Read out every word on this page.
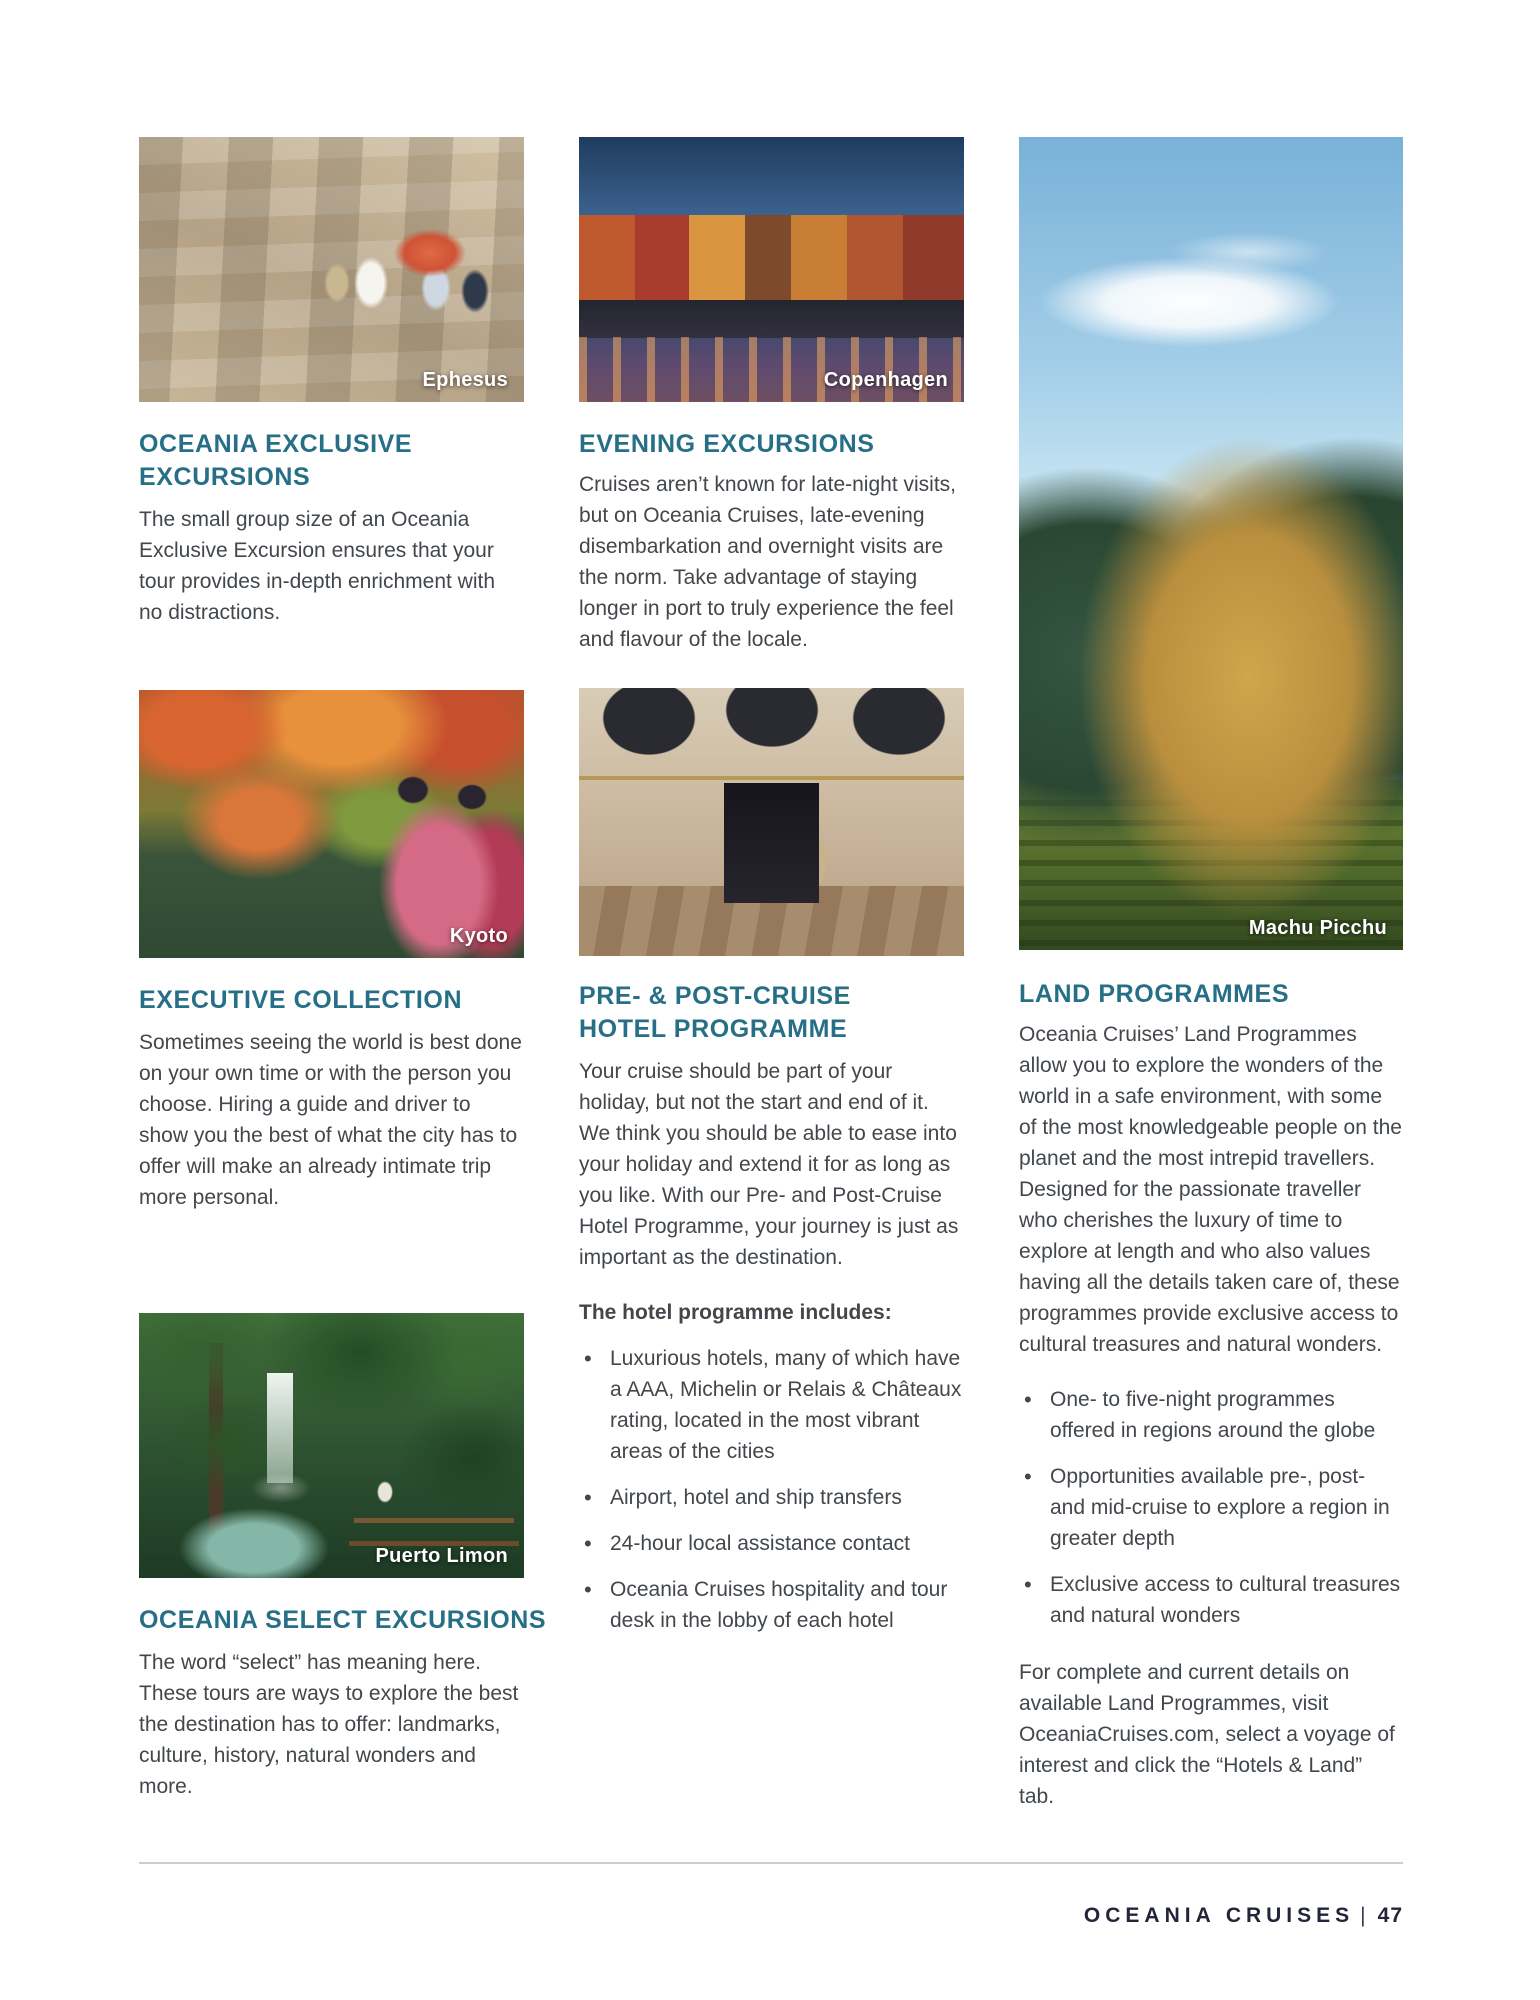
Ephesus
OCEANIA EXCLUSIVE EXCURSIONS

The small group size of an Oceania Exclusive Excursion ensures that your tour provides in-depth enrichment with no distractions.

Kyoto
EXECUTIVE COLLECTION

Sometimes seeing the world is best done on your own time or with the person you choose. Hiring a guide and driver to show you the best of what the city has to offer will make an already intimate trip more personal.

Puerto Limon
OCEANIA SELECT EXCURSIONS

The word “select” has meaning here. These tours are ways to explore the best the destination has to offer: landmarks, culture, history, natural wonders and more.

Copenhagen
EVENING EXCURSIONS

Cruises aren’t known for late-night visits, but on Oceania Cruises, late-evening disembarkation and overnight visits are the norm. Take advantage of staying longer in port to truly experience the feel and flavour of the locale.

PRE- & POST-CRUISE HOTEL PROGRAMME

Your cruise should be part of your holiday, but not the start and end of it. We think you should be able to ease into your holiday and extend it for as long as you like. With our Pre- and Post-Cruise Hotel Programme, your journey is just as important as the destination.

The hotel programme includes:

• Luxurious hotels, many of which have a AAA, Michelin or Relais & Châteaux rating, located in the most vibrant areas of the cities
• Airport, hotel and ship transfers
• 24-hour local assistance contact
• Oceania Cruises hospitality and tour desk in the lobby of each hotel
Machu Picchu
LAND PROGRAMMES

Oceania Cruises’ Land Programmes allow you to explore the wonders of the world in a safe environment, with some of the most knowledgeable people on the planet and the most intrepid travellers. Designed for the passionate traveller who cherishes the luxury of time to explore at length and who also values having all the details taken care of, these programmes provide exclusive access to cultural treasures and natural wonders.

• One- to five-night programmes offered in regions around the globe
• Opportunities available pre-, post- and mid-cruise to explore a region in greater depth
• Exclusive access to cultural treasures and natural wonders

For complete and current details on available Land Programmes, visit OceaniaCruises.com, select a voyage of interest and click the “Hotels & Land” tab.

OCEANIA CRUISES | 47
